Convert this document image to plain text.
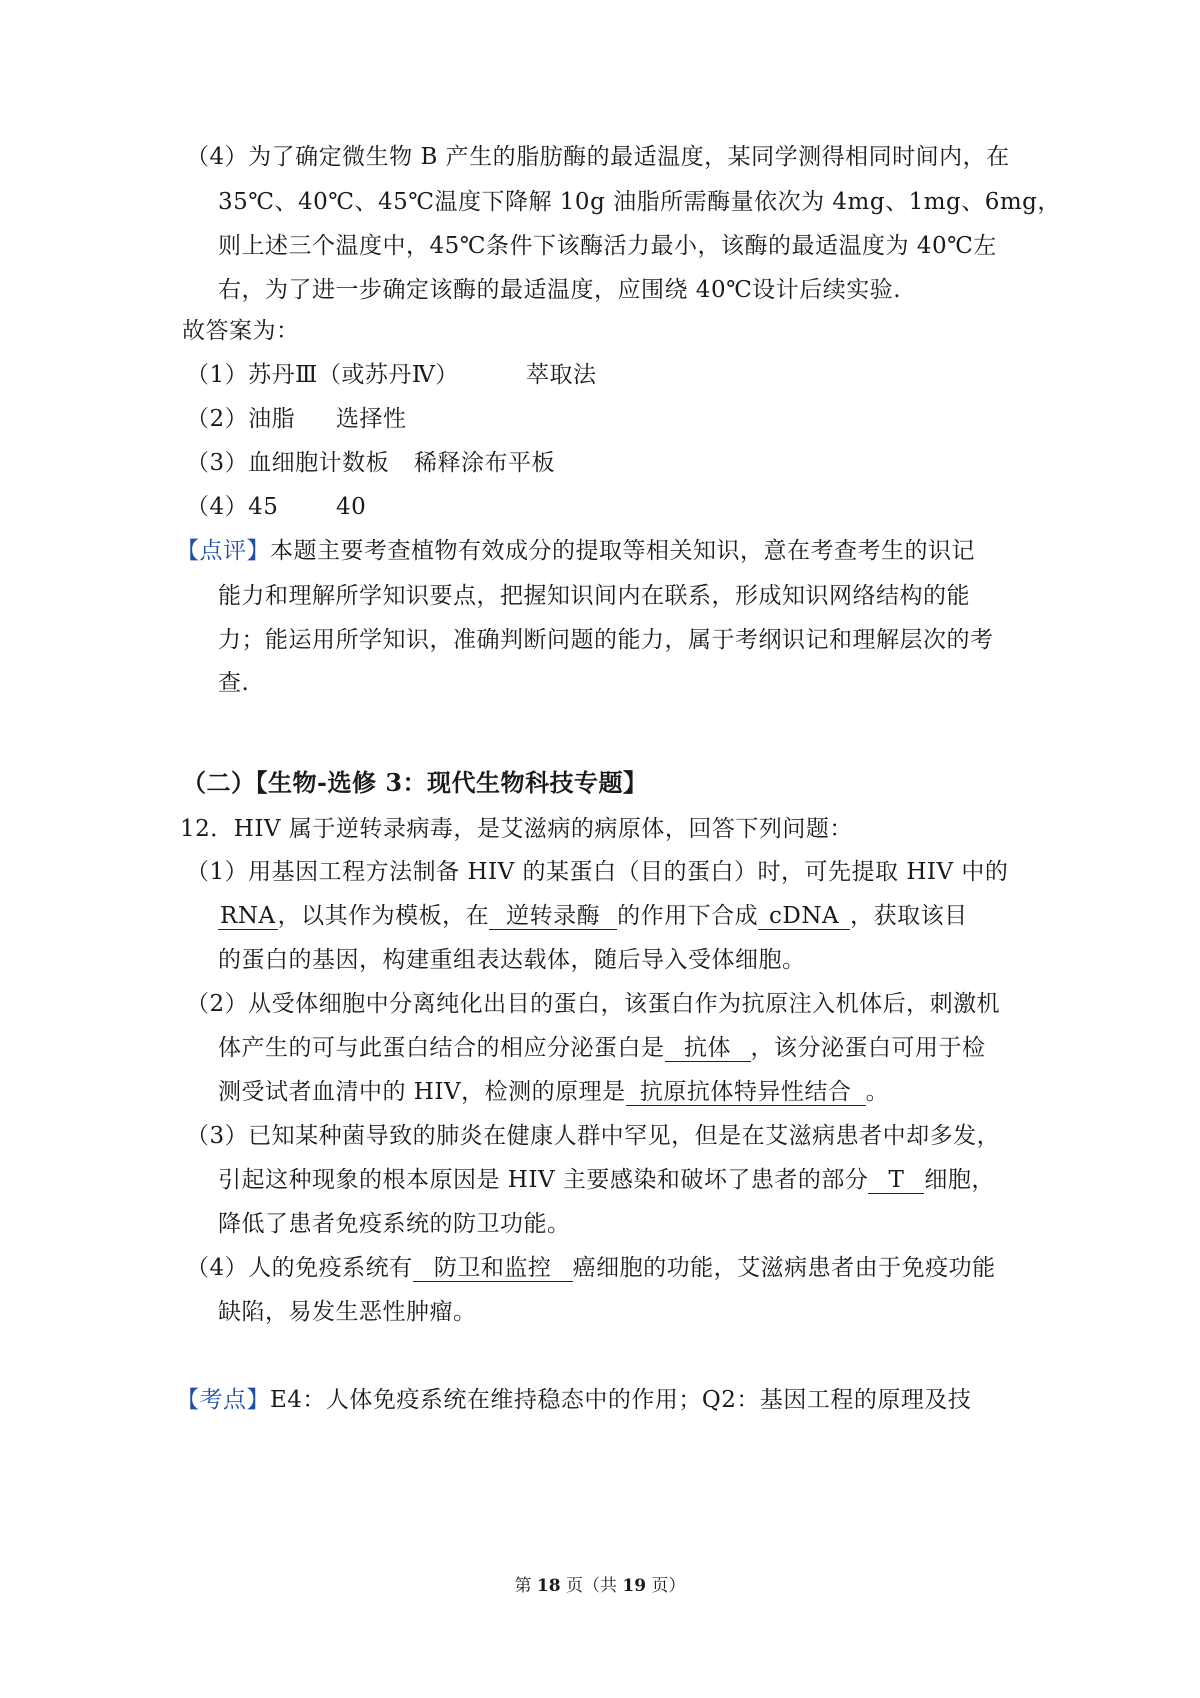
（4）为了确定微生物 B 产生的脂肪酶的最适温度，某同学测得相同时间内，在
35℃、40℃、45℃温度下降解 10g 油脂所需酶量依次为 4mg、1mg、6mg，
则上述三个温度中，45℃条件下该酶活力最小，该酶的最适温度为 40℃左
右，为了进一步确定该酶的最适温度，应围绕 40℃设计后续实验.
故答案为：
（1）苏丹Ⅲ（或苏丹Ⅳ）	萃取法
（2）油脂 选择性
（3）血细胞计数板 稀释涂布平板
（4）45	40
【点评】本题主要考查植物有效成分的提取等相关知识，意在考查考生的识记
能力和理解所学知识要点，把握知识间内在联系，形成知识网络结构的能
力；能运用所学知识，准确判断问题的能力，属于考纲识记和理解层次的考
查.
（二）【生物-选修 3：现代生物科技专题】
12．HIV 属于逆转录病毒，是艾滋病的病原体，回答下列问题：
（1）用基因工程方法制备 HIV 的某蛋白（目的蛋白）时，可先提取 HIV 中的
RNA，以其作为模板，在 逆转录酶 的作用下合成 cDNA ，获取该目
的蛋白的基因，构建重组表达载体，随后导入受体细胞。
（2）从受体细胞中分离纯化出目的蛋白，该蛋白作为抗原注入机体后，刺激机
体产生的可与此蛋白结合的相应分泌蛋白是 抗体 ，该分泌蛋白可用于检
测受试者血清中的 HIV，检测的原理是 抗原抗体特异性结合 。
（3）已知某种菌导致的肺炎在健康人群中罕见，但是在艾滋病患者中却多发，
引起这种现象的根本原因是 HIV 主要感染和破坏了患者的部分 T 细胞，
降低了患者免疫系统的防卫功能。
（4）人的免疫系统有 防卫和监控 癌细胞的功能，艾滋病患者由于免疫功能
缺陷，易发生恶性肿瘤。
【考点】E4：人体免疫系统在维持稳态中的作用；Q2：基因工程的原理及技
第 18 页（共 19 页）
